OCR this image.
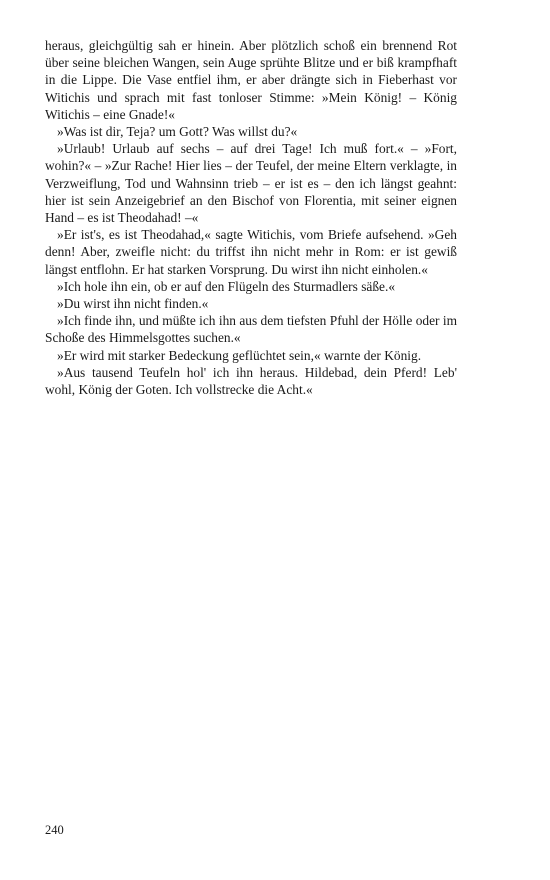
heraus, gleichgültig sah er hinein. Aber plötzlich schoß ein brennend Rot über seine bleichen Wangen, sein Auge sprühte Blitze und er biß krampfhaft in die Lippe. Die Vase entfiel ihm, er aber drängte sich in Fieberhast vor Witichis und sprach mit fast tonloser Stimme: »Mein König! – König Witichis – eine Gnade!«

»Was ist dir, Teja? um Gott? Was willst du?«

»Urlaub! Urlaub auf sechs – auf drei Tage! Ich muß fort.« – »Fort, wohin?« – »Zur Rache! Hier lies – der Teufel, der meine Eltern verklagte, in Verzweiflung, Tod und Wahnsinn trieb – er ist es – den ich längst geahnt: hier ist sein Anzeigebrief an den Bischof von Florentia, mit seiner eignen Hand – es ist Theodahad! –«

»Er ist's, es ist Theodahad,« sagte Witichis, vom Briefe aufsehend. »Geh denn! Aber, zweifle nicht: du triffst ihn nicht mehr in Rom: er ist gewiß längst entflohn. Er hat starken Vorsprung. Du wirst ihn nicht einholen.«

»Ich hole ihn ein, ob er auf den Flügeln des Sturmadlers säße.«

»Du wirst ihn nicht finden.«

»Ich finde ihn, und müßte ich ihn aus dem tiefsten Pfuhl der Hölle oder im Schoße des Himmelsgottes suchen.«

»Er wird mit starker Bedeckung geflüchtet sein,« warnte der König.

»Aus tausend Teufeln hol' ich ihn heraus. Hildebad, dein Pferd! Leb' wohl, König der Goten. Ich vollstrecke die Acht.«

240
